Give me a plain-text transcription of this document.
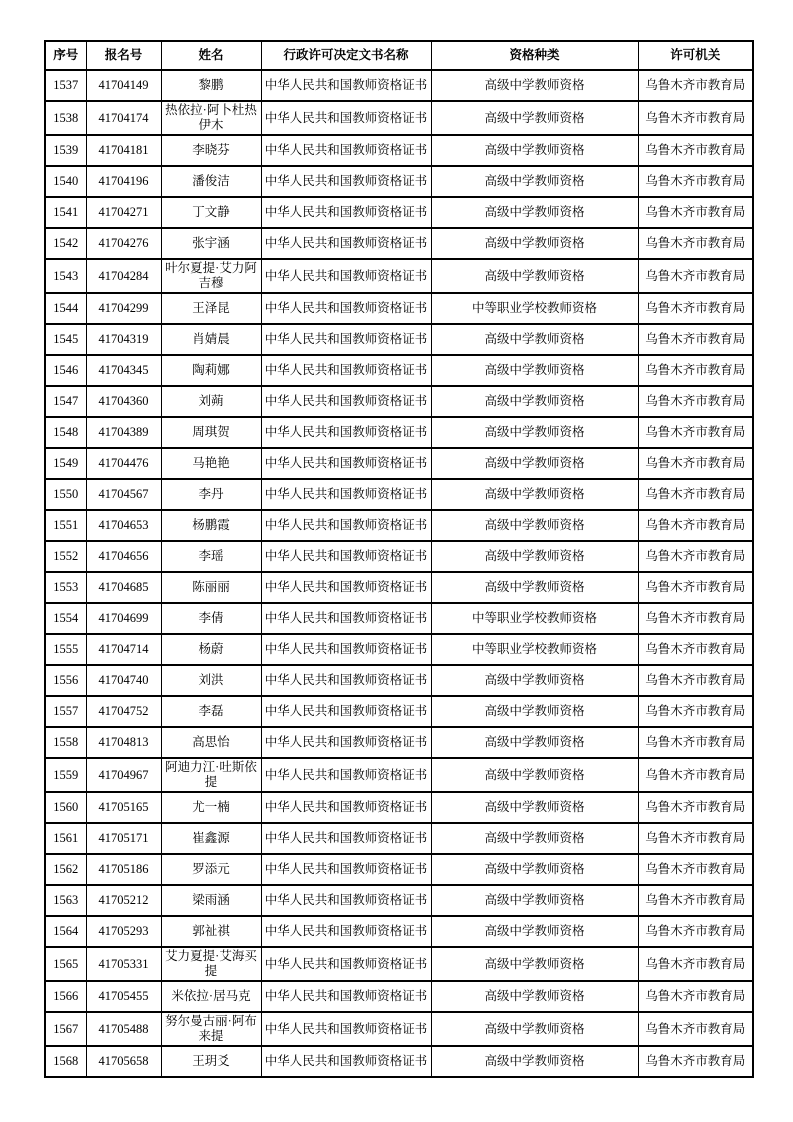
序号	报名号	姓名	行政许可决定文书名称	资格种类	许可机关
1537	41704149	黎鹏	中华人民共和国教师资格证书	高级中学教师资格	乌鲁木齐市教育局
1538	41704174	热依拉·阿卜杜热伊木	中华人民共和国教师资格证书	高级中学教师资格	乌鲁木齐市教育局
1539	41704181	李晓芬	中华人民共和国教师资格证书	高级中学教师资格	乌鲁木齐市教育局
1540	41704196	潘俊洁	中华人民共和国教师资格证书	高级中学教师资格	乌鲁木齐市教育局
1541	41704271	丁文静	中华人民共和国教师资格证书	高级中学教师资格	乌鲁木齐市教育局
1542	41704276	张宇涵	中华人民共和国教师资格证书	高级中学教师资格	乌鲁木齐市教育局
1543	41704284	叶尔夏提·艾力阿吉穆	中华人民共和国教师资格证书	高级中学教师资格	乌鲁木齐市教育局
1544	41704299	王泽昆	中华人民共和国教师资格证书	中等职业学校教师资格	乌鲁木齐市教育局
1545	41704319	肖婧晨	中华人民共和国教师资格证书	高级中学教师资格	乌鲁木齐市教育局
1546	41704345	陶莉娜	中华人民共和国教师资格证书	高级中学教师资格	乌鲁木齐市教育局
1547	41704360	刘蒴	中华人民共和国教师资格证书	高级中学教师资格	乌鲁木齐市教育局
1548	41704389	周琪贺	中华人民共和国教师资格证书	高级中学教师资格	乌鲁木齐市教育局
1549	41704476	马艳艳	中华人民共和国教师资格证书	高级中学教师资格	乌鲁木齐市教育局
1550	41704567	李丹	中华人民共和国教师资格证书	高级中学教师资格	乌鲁木齐市教育局
1551	41704653	杨鹏霞	中华人民共和国教师资格证书	高级中学教师资格	乌鲁木齐市教育局
1552	41704656	李瑶	中华人民共和国教师资格证书	高级中学教师资格	乌鲁木齐市教育局
1553	41704685	陈丽丽	中华人民共和国教师资格证书	高级中学教师资格	乌鲁木齐市教育局
1554	41704699	李倩	中华人民共和国教师资格证书	中等职业学校教师资格	乌鲁木齐市教育局
1555	41704714	杨蔚	中华人民共和国教师资格证书	中等职业学校教师资格	乌鲁木齐市教育局
1556	41704740	刘洪	中华人民共和国教师资格证书	高级中学教师资格	乌鲁木齐市教育局
1557	41704752	李磊	中华人民共和国教师资格证书	高级中学教师资格	乌鲁木齐市教育局
1558	41704813	高思怡	中华人民共和国教师资格证书	高级中学教师资格	乌鲁木齐市教育局
1559	41704967	阿迪力江·吐斯依提	中华人民共和国教师资格证书	高级中学教师资格	乌鲁木齐市教育局
1560	41705165	尤一楠	中华人民共和国教师资格证书	高级中学教师资格	乌鲁木齐市教育局
1561	41705171	崔鑫源	中华人民共和国教师资格证书	高级中学教师资格	乌鲁木齐市教育局
1562	41705186	罗添元	中华人民共和国教师资格证书	高级中学教师资格	乌鲁木齐市教育局
1563	41705212	梁雨涵	中华人民共和国教师资格证书	高级中学教师资格	乌鲁木齐市教育局
1564	41705293	郭祉祺	中华人民共和国教师资格证书	高级中学教师资格	乌鲁木齐市教育局
1565	41705331	艾力夏提·艾海买提	中华人民共和国教师资格证书	高级中学教师资格	乌鲁木齐市教育局
1566	41705455	米依拉·居马克	中华人民共和国教师资格证书	高级中学教师资格	乌鲁木齐市教育局
1567	41705488	努尔曼古丽·阿布来提	中华人民共和国教师资格证书	高级中学教师资格	乌鲁木齐市教育局
1568	41705658	王玥爻	中华人民共和国教师资格证书	高级中学教师资格	乌鲁木齐市教育局
